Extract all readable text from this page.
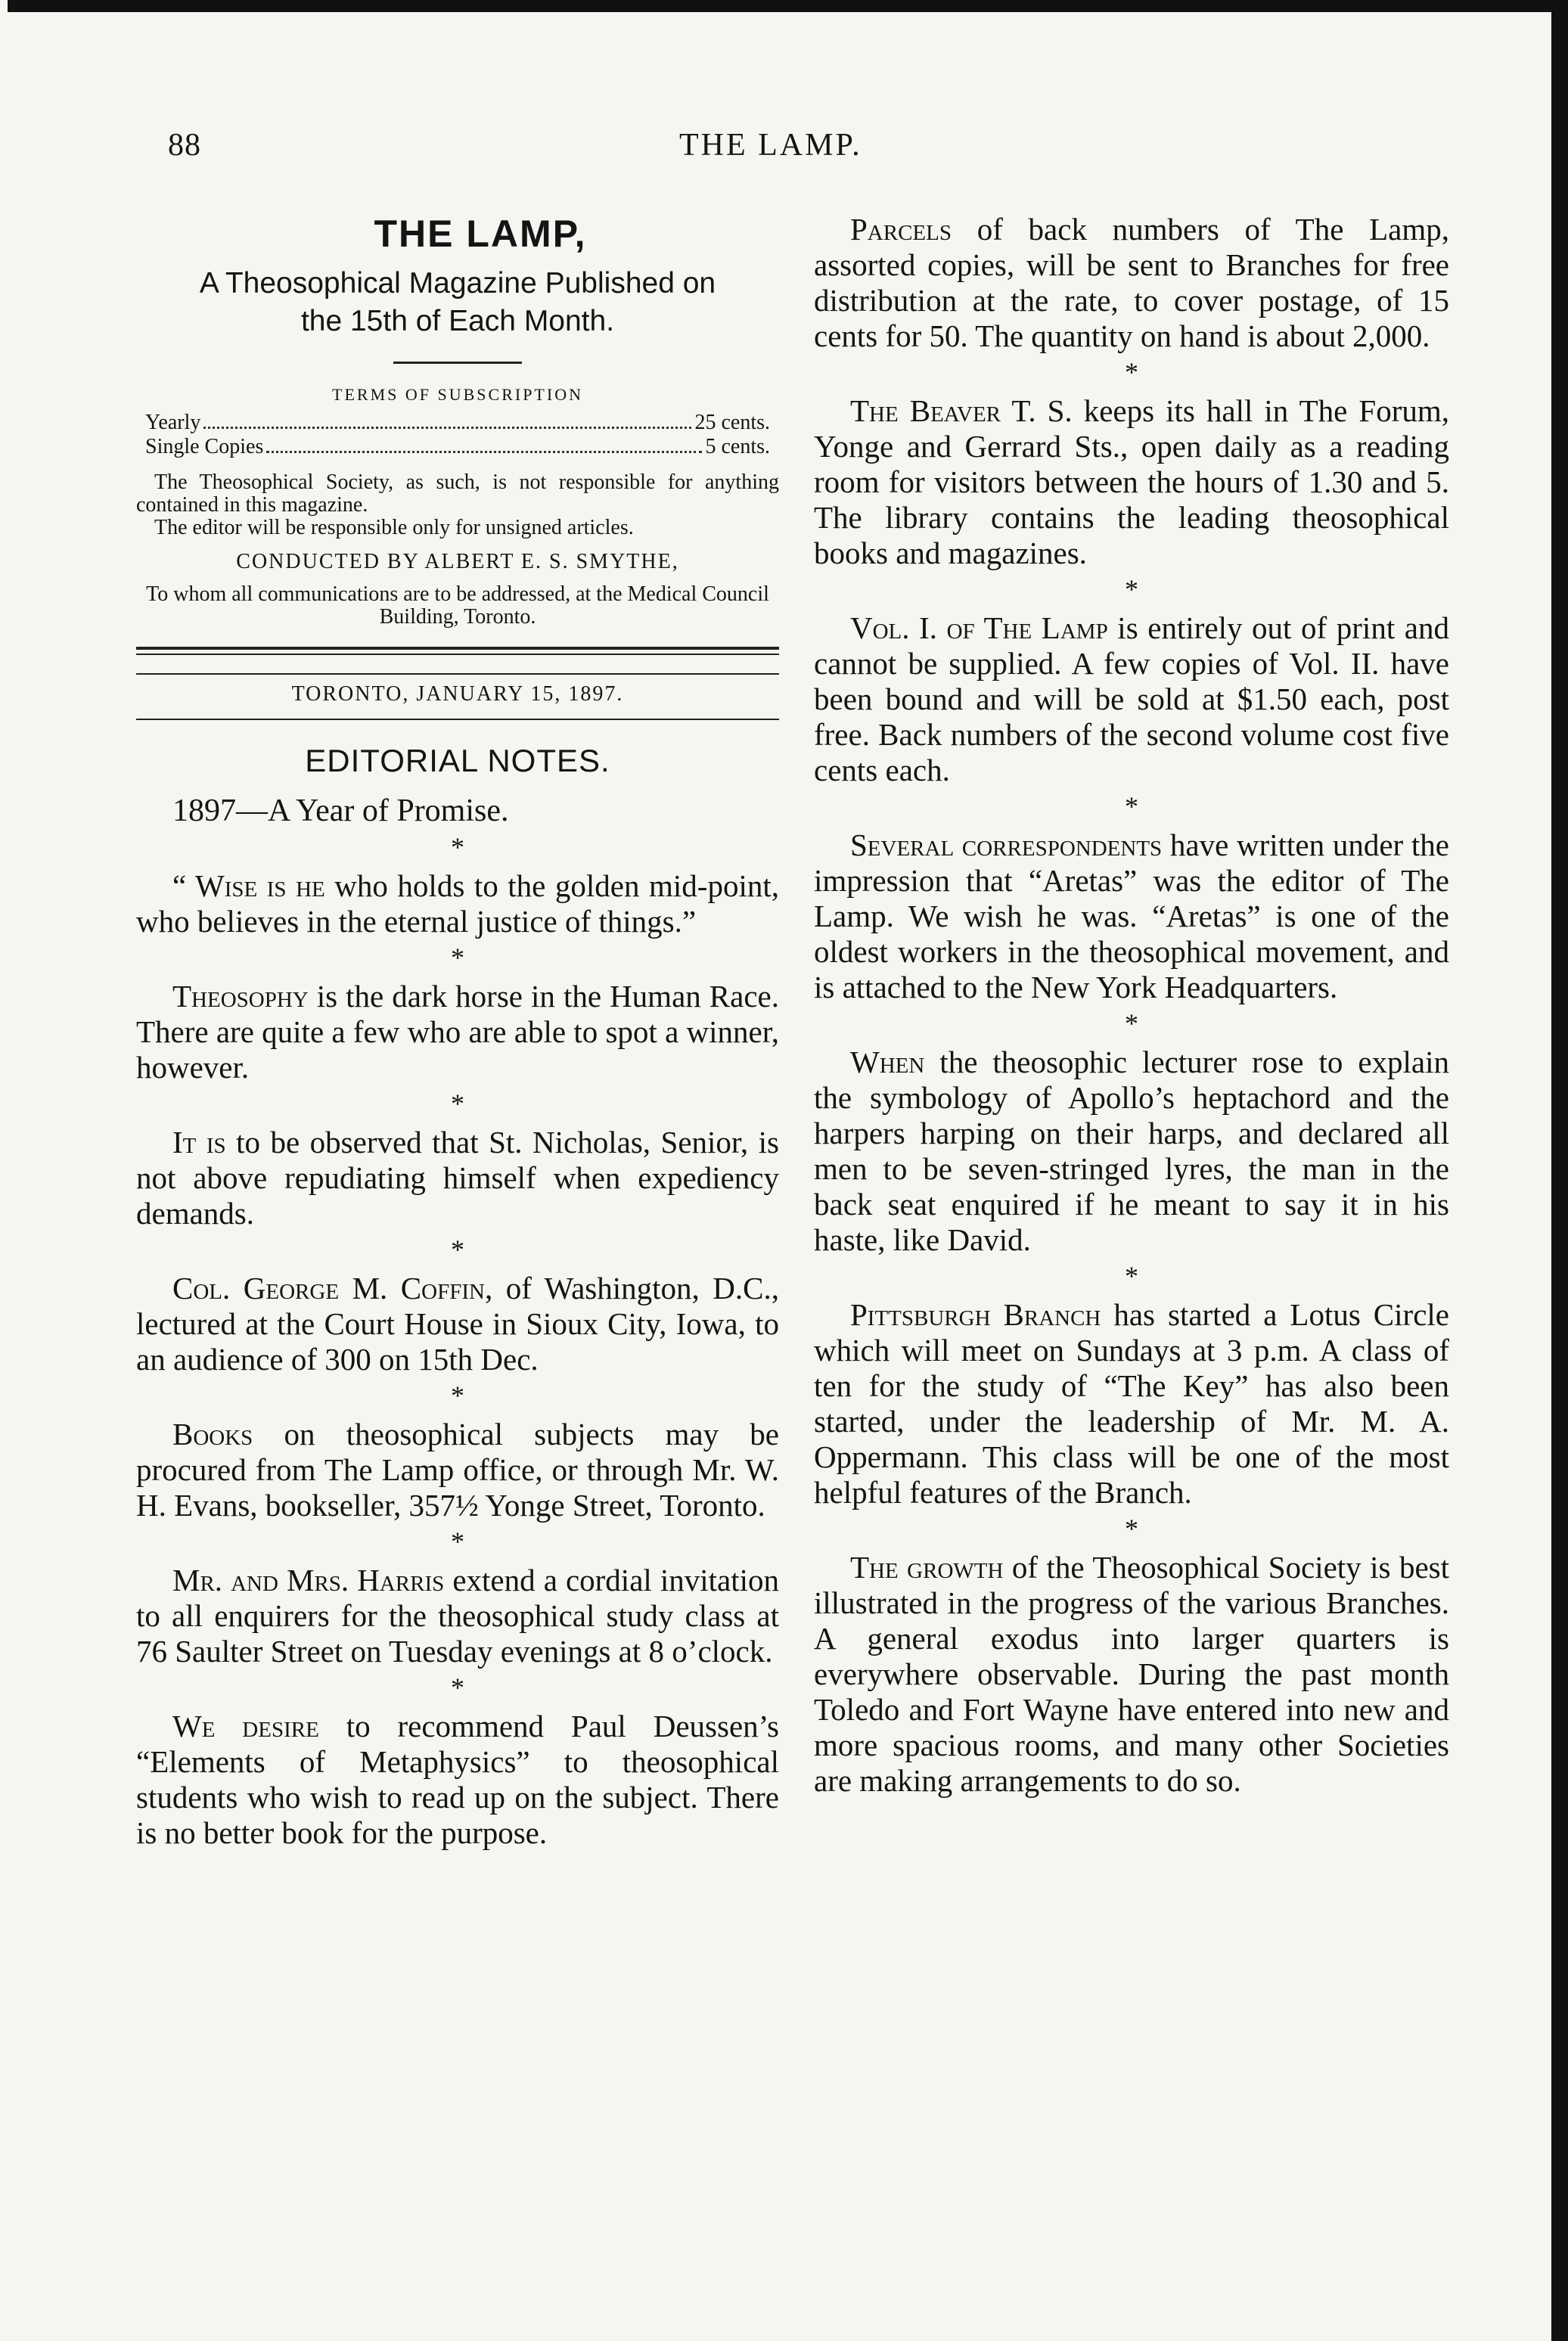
88	THE LAMP.
THE LAMP,
A Theosophical Magazine Published on
the 15th of Each Month.
TERMS OF SUBSCRIPTION
Yearly	25 cents.
Single Copies	5 cents.

The Theosophical Society, as such, is not responsible for anything contained in this magazine.

The editor will be responsible only for unsigned articles.

CONDUCTED BY ALBERT E. S. SMYTHE,

To whom all communications are to be addressed, at the Medical Council

Building, Toronto.

TORONTO, JANUARY 15, 1897.
EDITORIAL NOTES.
1897—A Year of Promise.
*

“ Wise is he who holds to the golden mid-point, who believes in the eternal justice of things.”

*

Theosophy is the dark horse in the Human Race. There are quite a few who are able to spot a winner, however.

*

It is to be observed that St. Nicholas, Senior, is not above repudiating himself when expediency demands.

*

Col. George M. Coffin, of Washington, D.C., lectured at the Court House in Sioux City, Iowa, to an audience of 300 on 15th Dec.

*

Books on theosophical subjects may be procured from The Lamp office, or through Mr. W. H. Evans, bookseller, 357½ Yonge Street, Toronto.

*

Mr. and Mrs. Harris extend a cordial invitation to all enquirers for the theosophical study class at 76 Saulter Street on Tuesday evenings at 8 o’clock.

*

We desire to recommend Paul Deussen’s “Elements of Metaphysics” to theosophical students who wish to read up on the subject. There is no better book for the purpose.

Parcels of back numbers of The Lamp, assorted copies, will be sent to Branches for free distribution at the rate, to cover postage, of 15 cents for 50. The quantity on hand is about 2,000.

*

The Beaver T. S. keeps its hall in The Forum, Yonge and Gerrard Sts., open daily as a reading room for visitors between the hours of 1.30 and 5. The library contains the leading theosophical books and magazines.

*

Vol. I. of The Lamp is entirely out of print and cannot be supplied. A few copies of Vol. II. have been bound and will be sold at $1.50 each, post free. Back numbers of the second volume cost five cents each.

*

Several correspondents have written under the impression that “Aretas” was the editor of The Lamp. We wish he was. “Aretas” is one of the oldest workers in the theosophical movement, and is attached to the New York Headquarters.

*

When the theosophic lecturer rose to explain the symbology of Apollo’s heptachord and the harpers harping on their harps, and declared all men to be seven-stringed lyres, the man in the back seat enquired if he meant to say it in his haste, like David.

*

Pittsburgh Branch has started a Lotus Circle which will meet on Sundays at 3 p.m. A class of ten for the study of “The Key” has also been started, under the leadership of Mr. M. A. Oppermann. This class will be one of the most helpful features of the Branch.

*

The growth of the Theosophical Society is best illustrated in the progress of the various Branches. A general exodus into larger quarters is everywhere observable. During the past month Toledo and Fort Wayne have entered into new and more spacious rooms, and many other Societies are making arrangements to do so.
